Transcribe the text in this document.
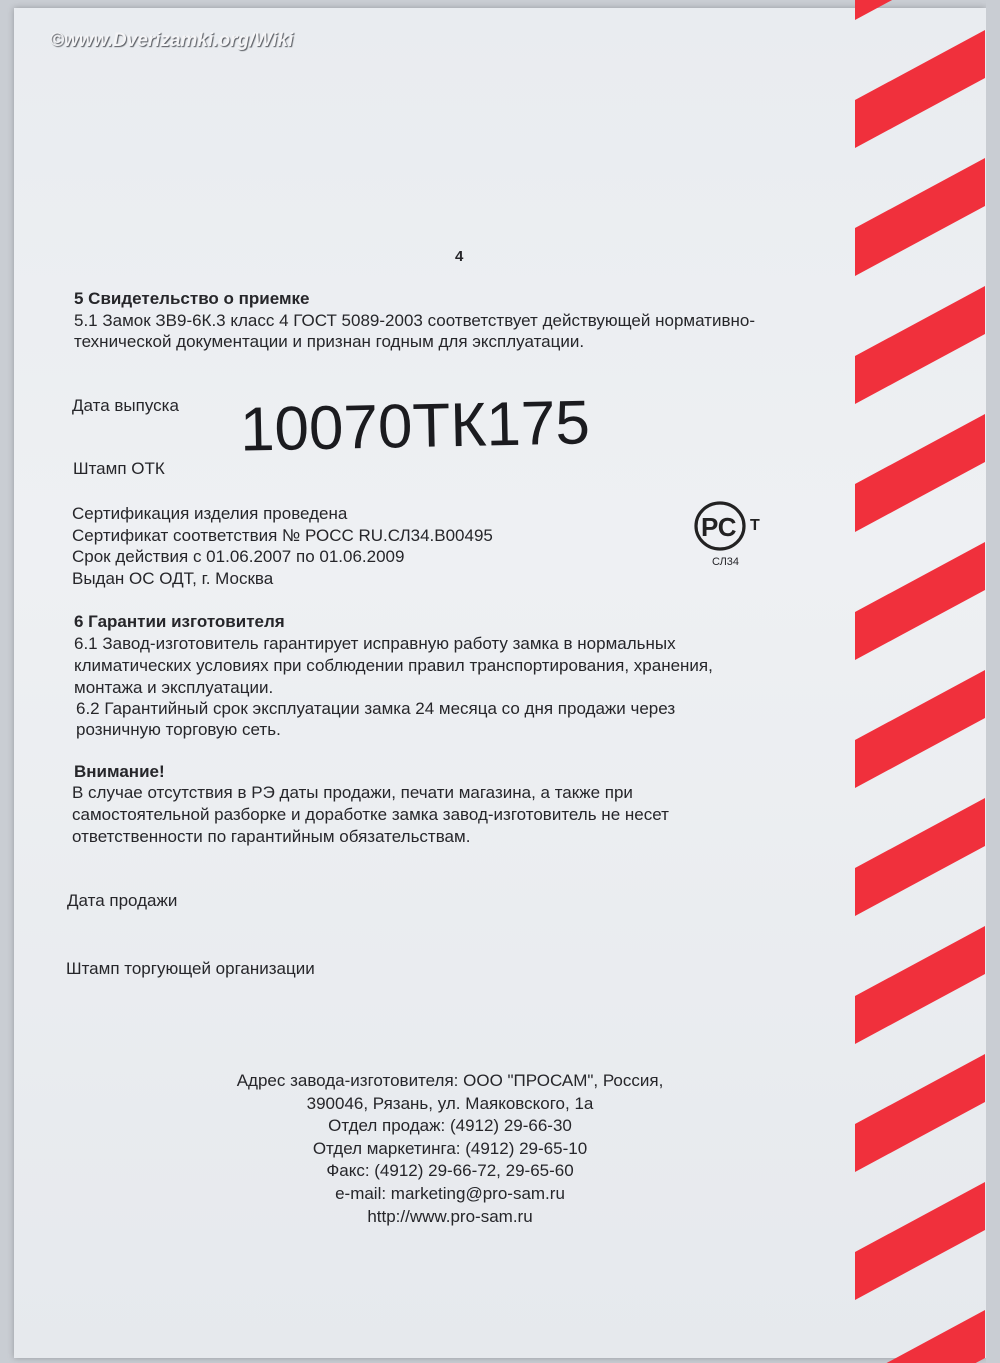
©www.Dverizamki.org/Wiki
4
5 Свидетельство о приемке
5.1 Замок ЗВ9-6К.3 класс 4 ГОСТ 5089-2003 соответствует действующей нормативно-
технической документации и признан годным для эксплуатации.
Дата выпуска 10070ТК175
Штамп ОТК
Сертификация изделия проведена
Сертификат соответствия № РОСС RU.СЛ34.В00495
Срок действия с 01.06.2007 по 01.06.2009
Выдан ОС ОДТ, г. Москва
РС Т
СЛ34
6 Гарантии изготовителя
6.1 Завод-изготовитель гарантирует исправную работу замка в нормальных
климатических условиях при соблюдении правил транспортирования, хранения,
монтажа и эксплуатации.
6.2 Гарантийный срок эксплуатации замка 24 месяца со дня продажи через
розничную торговую сеть.
Внимание!
В случае отсутствия в РЭ даты продажи, печати магазина, а также при
самостоятельной разборке и доработке замка завод-изготовитель не несет
ответственности по гарантийным обязательствам.
Дата продажи
Штамп торгующей организации
Адрес завода-изготовителя: ООО "ПРОСАМ", Россия,
390046, Рязань, ул. Маяковского, 1а
Отдел продаж: (4912) 29-66-30
Отдел маркетинга: (4912) 29-65-10
Факс: (4912) 29-66-72, 29-65-60
e-mail: marketing@pro-sam.ru
http://www.pro-sam.ru
